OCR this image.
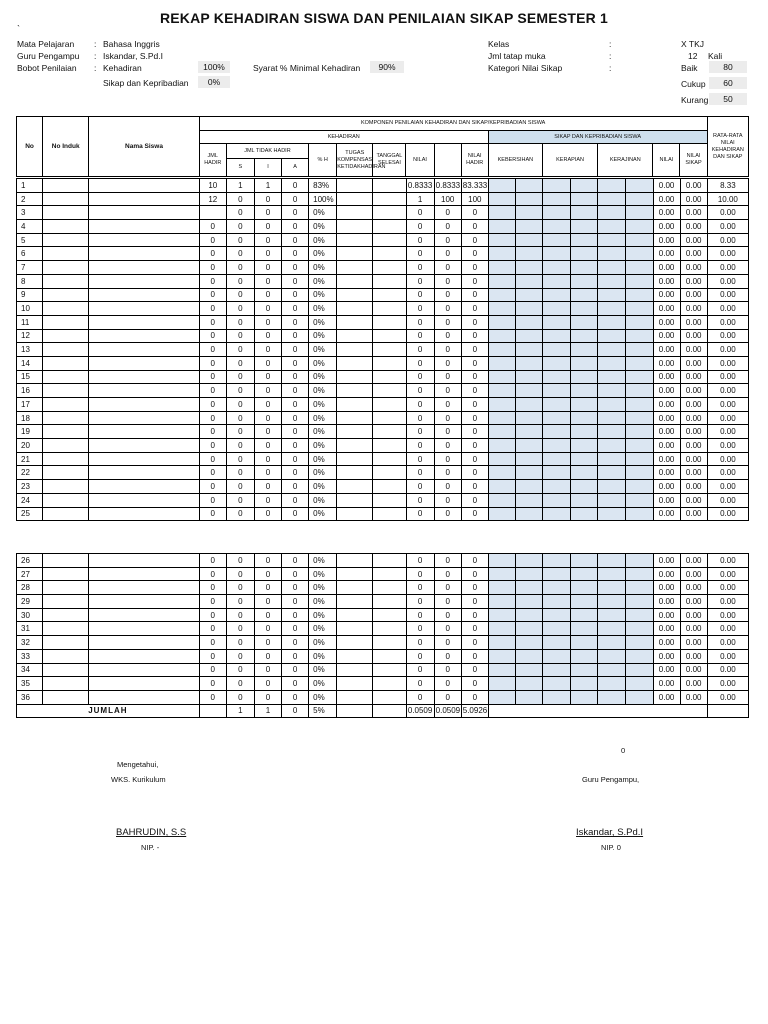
REKAP KEHADIRAN SISWA DAN PENILAIAN SIKAP SEMESTER 1
`
Mata Pelajaran : Bahasa Inggris
Guru Pengampu : Iskandar, S.Pd.I
Bobot Penilaian : Kehadiran	100%
Sikap dan Kepribadian	0%
Syarat % Minimal Kehadiran	90%
Kelas	:	X TKJ
Jml tatap muka	:	12 Kali
Kategori Nilai Sikap	:	Baik	80
Cukup	60
Kurang	50
No	No Induk	Nama Siswa	KOMPONEN PENILAIAN KEHADIRAN DAN SIKAP/KEPRIBADIAN SISWA															RATA-RATA NILAI KEHADIRAN DAN SIKAP
			KEHADIRAN										SIKAP DAN KEPRIBADIAN SISWA					
			JML HADIR	JML TIDAK HADIR			% H	TUGAS KOMPENSASI KETIDAKHADIRAN	TANGGAL SELESAI	NILAI		NILAI HADIR	KEBERSIHAN	KERAPIAN	KERAJINAN	NILAI	NILAI SIKAP	
				S	I	A												
1			10	1	1	0	83%			0.8333	0.8333	83.333							0.00	0.00	8.33
2			12	0	0	0	100%			1	100	100							0.00	0.00	10.00
3				0	0	0	0%			0	0	0							0.00	0.00	0.00
4			0	0	0	0	0%			0	0	0							0.00	0.00	0.00
5			0	0	0	0	0%			0	0	0							0.00	0.00	0.00
6			0	0	0	0	0%			0	0	0							0.00	0.00	0.00
7			0	0	0	0	0%			0	0	0							0.00	0.00	0.00
8			0	0	0	0	0%			0	0	0							0.00	0.00	0.00
9			0	0	0	0	0%			0	0	0							0.00	0.00	0.00
10			0	0	0	0	0%			0	0	0							0.00	0.00	0.00
11			0	0	0	0	0%			0	0	0							0.00	0.00	0.00
12			0	0	0	0	0%			0	0	0							0.00	0.00	0.00
13			0	0	0	0	0%			0	0	0							0.00	0.00	0.00
14			0	0	0	0	0%			0	0	0							0.00	0.00	0.00
15			0	0	0	0	0%			0	0	0							0.00	0.00	0.00
16			0	0	0	0	0%			0	0	0							0.00	0.00	0.00
17			0	0	0	0	0%			0	0	0							0.00	0.00	0.00
18			0	0	0	0	0%			0	0	0							0.00	0.00	0.00
19			0	0	0	0	0%			0	0	0							0.00	0.00	0.00
20			0	0	0	0	0%			0	0	0							0.00	0.00	0.00
21			0	0	0	0	0%			0	0	0							0.00	0.00	0.00
22			0	0	0	0	0%			0	0	0							0.00	0.00	0.00
23			0	0	0	0	0%			0	0	0							0.00	0.00	0.00
24			0	0	0	0	0%			0	0	0							0.00	0.00	0.00
25			0	0	0	0	0%			0	0	0							0.00	0.00	0.00
26			0	0	0	0	0%			0	0	0							0.00	0.00	0.00
27			0	0	0	0	0%			0	0	0							0.00	0.00	0.00
28			0	0	0	0	0%			0	0	0							0.00	0.00	0.00
29			0	0	0	0	0%			0	0	0							0.00	0.00	0.00
30			0	0	0	0	0%			0	0	0							0.00	0.00	0.00
31			0	0	0	0	0%			0	0	0							0.00	0.00	0.00
32			0	0	0	0	0%			0	0	0							0.00	0.00	0.00
33			0	0	0	0	0%			0	0	0							0.00	0.00	0.00
34			0	0	0	0	0%			0	0	0							0.00	0.00	0.00
35			0	0	0	0	0%			0	0	0							0.00	0.00	0.00
36			0	0	0	0	0%			0	0	0							0.00	0.00	0.00
JUMLAH				1	1	0	5%			0.0509	0.0509	5.0926									
0
Mengetahui,
WKS. Kurikulum	Guru Pengampu,
BAHRUDIN, S.S
NIP. -
Iskandar, S.Pd.I
NIP. 0
